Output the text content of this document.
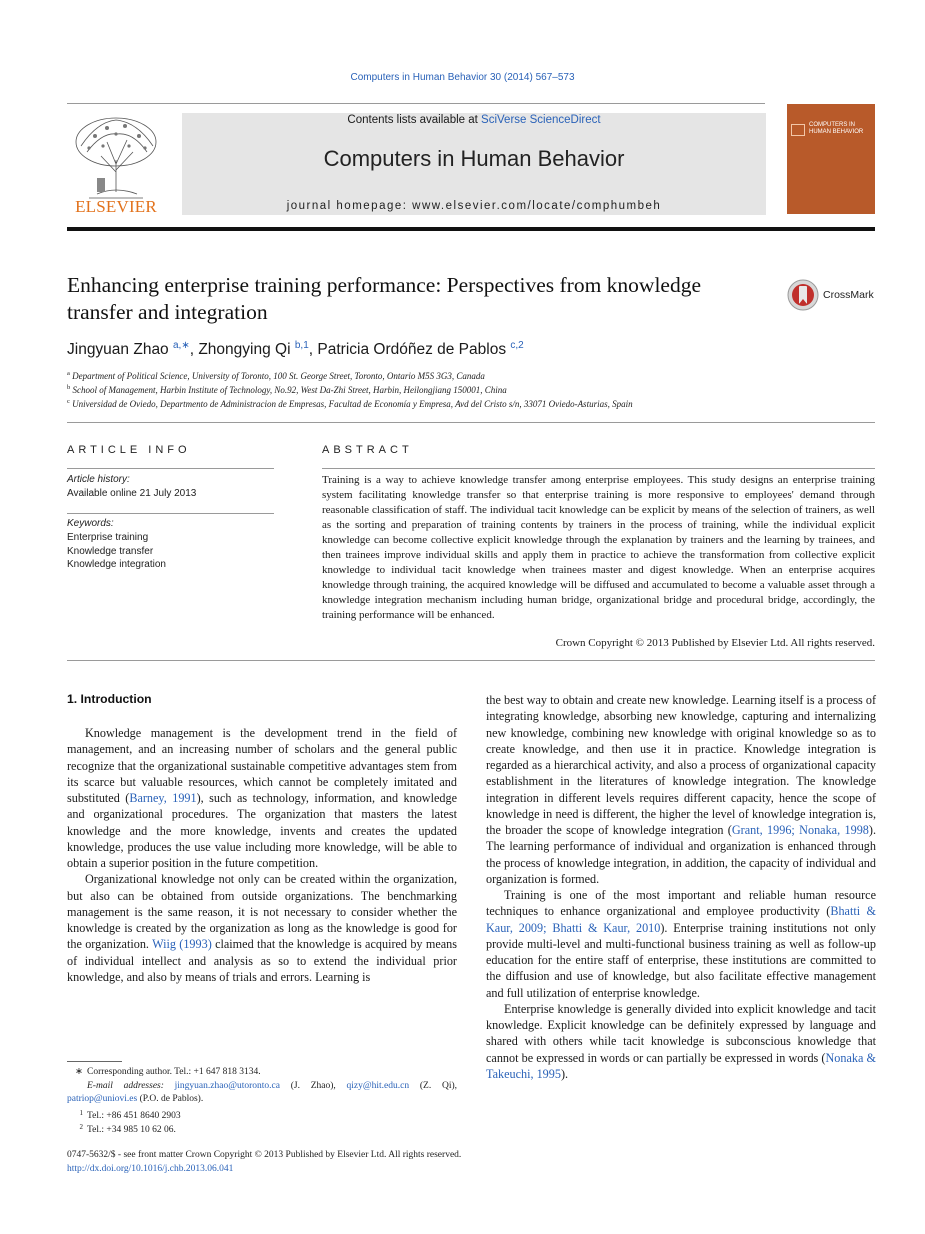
Computers in Human Behavior 30 (2014) 567–573
ELSEVIER
Contents lists available at SciVerse ScienceDirect
Computers in Human Behavior
journal homepage: www.elsevier.com/locate/comphumbeh
COMPUTERS IN HUMAN BEHAVIOR
Enhancing enterprise training performance: Perspectives from knowledge transfer and integration
CrossMark
Jingyuan Zhao $^{a,∗}$, Zhongying Qi $^{b,1}$, Patricia Ordóñez de Pablos $^{c,2}$
$^a$ Department of Political Science, University of Toronto, 100 St. George Street, Toronto, Ontario M5S 3G3, Canada
$^b$ School of Management, Harbin Institute of Technology, No.92, West Da-Zhi Street, Harbin, Heilongjiang 150001, China
$^c$ Universidad de Oviedo, Departmento de Administracion de Empresas, Facultad de Economía y Empresa, Avd del Cristo s/n, 33071 Oviedo-Asturias, Spain
ARTICLE INFO
Article history:
Available online 21 July 2013
Keywords:
Enterprise training
Knowledge transfer
Knowledge integration
ABSTRACT
Training is a way to achieve knowledge transfer among enterprise employees. This study designs an enterprise training system facilitating knowledge transfer so that enterprise training is more responsive to employees' demand through reasonable classification of staff. The individual tacit knowledge can be explicit by means of the selection of trainers, as well as the sorting and preparation of training contents by trainers in the process of training, while the individual explicit knowledge can become collective explicit knowledge through the explanation by trainers and the learning by trainees, and then trainees improve individual skills and apply them in practice to achieve the transformation from collective explicit knowledge to individual tacit knowledge when trainees master and digest knowledge. When an enterprise acquires knowledge through training, the acquired knowledge will be diffused and accumulated to become a valuable asset through a knowledge integration mechanism including human bridge, organizational bridge and procedural bridge, accordingly, the training performance will be enhanced.
Crown Copyright © 2013 Published by Elsevier Ltd. All rights reserved.
1. Introduction

Knowledge management is the development trend in the field of management, and an increasing number of scholars and the general public recognize that the organizational sustainable competitive advantages stem from its scarce but valuable resources, which cannot be completely imitated and substituted (Barney, 1991), such as technology, information, and knowledge and organizational procedures. The organization that masters the latest knowledge and the more knowledge, invents and creates the updated knowledge, produces the use value including more knowledge, will be able to obtain a superior position in the future competition.

Organizational knowledge not only can be created within the organization, but also can be obtained from outside organizations. The benchmarking management is the same reason, it is not necessary to consider whether the knowledge is created by the organization as long as the knowledge is good for the organization. Wiig (1993) claimed that the knowledge is acquired by means of individual intellect and analysis as so to extend the individual prior knowledge, and also by means of trials and errors. Learning is

the best way to obtain and create new knowledge. Learning itself is a process of integrating knowledge, absorbing new knowledge, capturing and internalizing new knowledge, combining new knowledge with original knowledge so as to create knowledge, and then use it in practice. Knowledge integration is regarded as a hierarchical activity, and also a process of organizational capacity establishment in the literatures of knowledge integration. The knowledge integration in different levels requires different capacity, hence the scope of knowledge in need is different, the higher the level of knowledge integration is, the broader the scope of knowledge integration (Grant, 1996; Nonaka, 1998). The learning performance of individual and organization is enhanced through the process of knowledge integration, in addition, the capacity of individual and organization is formed.

Training is one of the most important and reliable human resource techniques to enhance organizational and employee productivity (Bhatti & Kaur, 2009; Bhatti & Kaur, 2010). Enterprise training institutions not only provide multi-level and multi-functional business training as well as follow-up education for the entire staff of enterprise, these institutions are committed to the diffusion and use of knowledge, but also facilitate effective management and full utilization of enterprise knowledge.

Enterprise knowledge is generally divided into explicit knowledge and tacit knowledge. Explicit knowledge can be definitely expressed by language and shared with others while tacit knowledge is subconscious knowledge that cannot be expressed in words or can partially be expressed in words (Nonaka & Takeuchi, 1995).

∗ Corresponding author. Tel.: +1 647 818 3134.
E-mail addresses: jingyuan.zhao@utoronto.ca (J. Zhao), qizy@hit.edu.cn (Z. Qi), patriop@uniovi.es (P.O. de Pablos).
1 Tel.: +86 451 8640 2903
2 Tel.: +34 985 10 62 06.
0747-5632/$ - see front matter Crown Copyright © 2013 Published by Elsevier Ltd. All rights reserved.
http://dx.doi.org/10.1016/j.chb.2013.06.041
